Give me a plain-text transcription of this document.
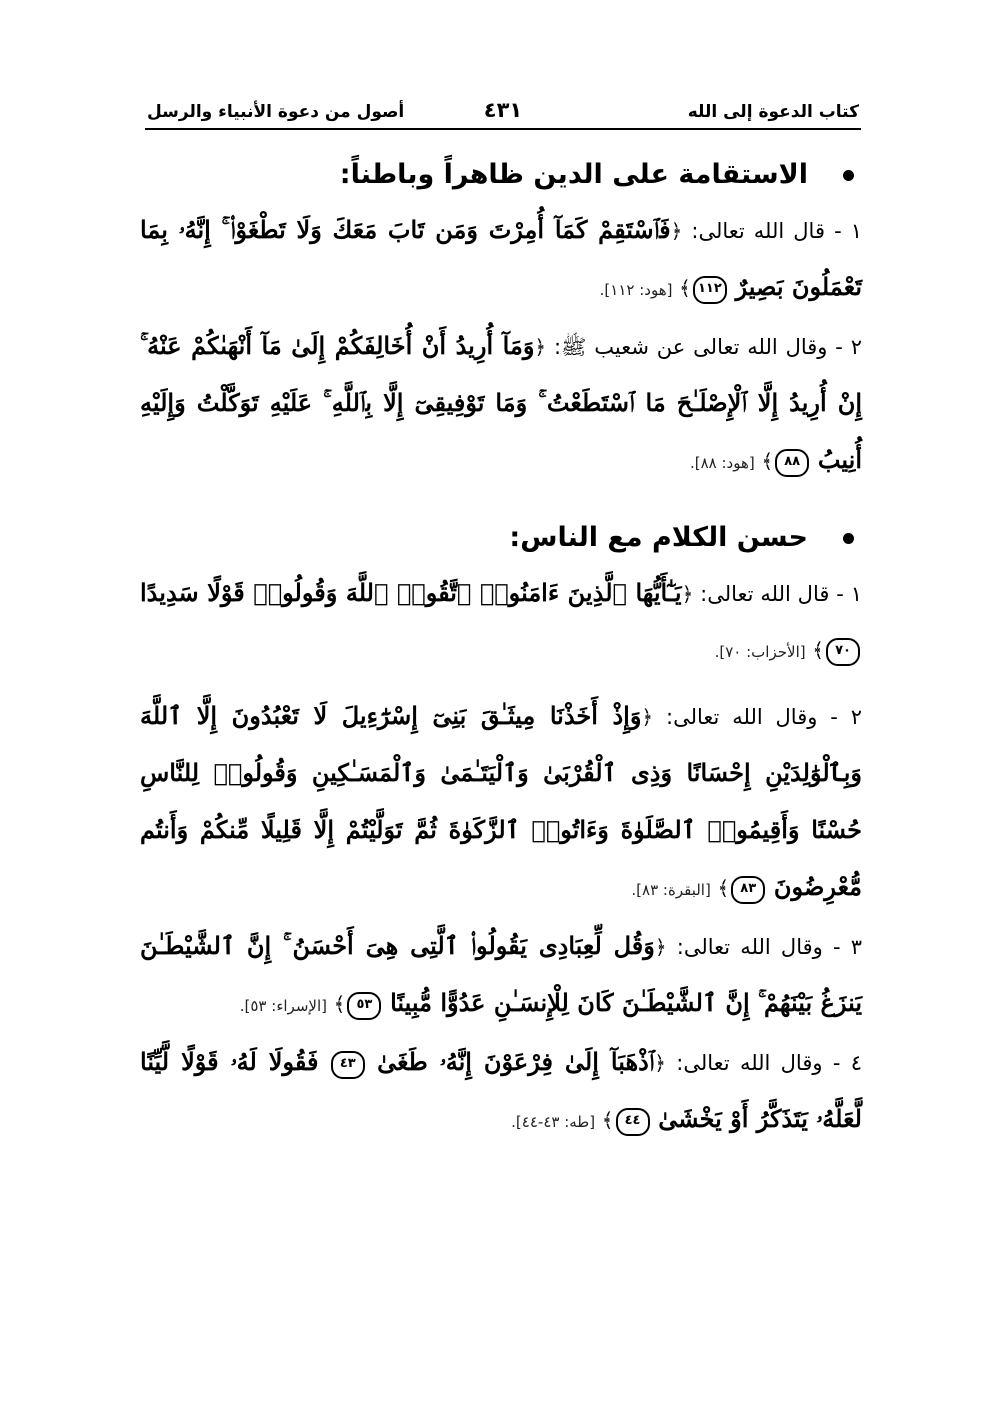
كتاب الدعوة إلى الله
٤٣١
أصول من دعوة الأنبياء والرسل
الاستقامة على الدين ظاهراً وباطناً:
١ - قال الله تعالى: ﴿فَٱسْتَقِمْ كَمَآ أُمِرْتَ وَمَن تَابَ مَعَكَ وَلَا تَطْغَوْا۟ ۚ إِنَّهُۥ بِمَا تَعْمَلُونَ بَصِيرٌ ١١٢﴾ [هود: ١١٢].
٢ - وقال الله تعالى عن شعيب ﷺ: ﴿وَمَآ أُرِيدُ أَنْ أُخَالِفَكُمْ إِلَىٰ مَآ أَنْهَىٰكُمْ عَنْهُ ۚ إِنْ أُرِيدُ إِلَّا ٱلْإِصْلَـٰحَ مَا ٱسْتَطَعْتُ ۚ وَمَا تَوْفِيقِىٓ إِلَّا بِٱللَّهِ ۚ عَلَيْهِ تَوَكَّلْتُ وَإِلَيْهِ أُنِيبُ ٨٨﴾ [هود: ٨٨].
حسن الكلام مع الناس:
١ - قال الله تعالى: ﴿يَـٰٓأَيُّهَا ٱلَّذِينَ ءَامَنُوا۟ ٱتَّقُوا۟ ٱللَّهَ وَقُولُوا۟ قَوْلًا سَدِيدًا ٧٠﴾ [الأحزاب: ٧٠].
٢ - وقال الله تعالى: ﴿وَإِذْ أَخَذْنَا مِيثَـٰقَ بَنِىٓ إِسْرَٰٓءِيلَ لَا تَعْبُدُونَ إِلَّا ٱللَّهَ وَبِٱلْوَٰلِدَيْنِ إِحْسَانًا وَذِى ٱلْقُرْبَىٰ وَٱلْيَتَـٰمَىٰ وَٱلْمَسَـٰكِينِ وَقُولُوا۟ لِلنَّاسِ حُسْنًا وَأَقِيمُوا۟ ٱلصَّلَوٰةَ وَءَاتُوا۟ ٱلزَّكَوٰةَ ثُمَّ تَوَلَّيْتُمْ إِلَّا قَلِيلًا مِّنكُمْ وَأَنتُم مُّعْرِضُونَ ٨٣﴾ [البقرة: ٨٣].
٣ - وقال الله تعالى: ﴿وَقُل لِّعِبَادِى يَقُولُوا۟ ٱلَّتِى هِىَ أَحْسَنُ ۚ إِنَّ ٱلشَّيْطَـٰنَ يَنزَغُ بَيْنَهُمْ ۚ إِنَّ ٱلشَّيْطَـٰنَ كَانَ لِلْإِنسَـٰنِ عَدُوًّا مُّبِينًا ٥٣﴾ [الإسراء: ٥٣].
٤ - وقال الله تعالى: ﴿ٱذْهَبَآ إِلَىٰ فِرْعَوْنَ إِنَّهُۥ طَغَىٰ ٤٣ فَقُولَا لَهُۥ قَوْلًا لَّيِّنًا لَّعَلَّهُۥ يَتَذَكَّرُ أَوْ يَخْشَىٰ ٤٤﴾ [طه: ٤٣-٤٤].
